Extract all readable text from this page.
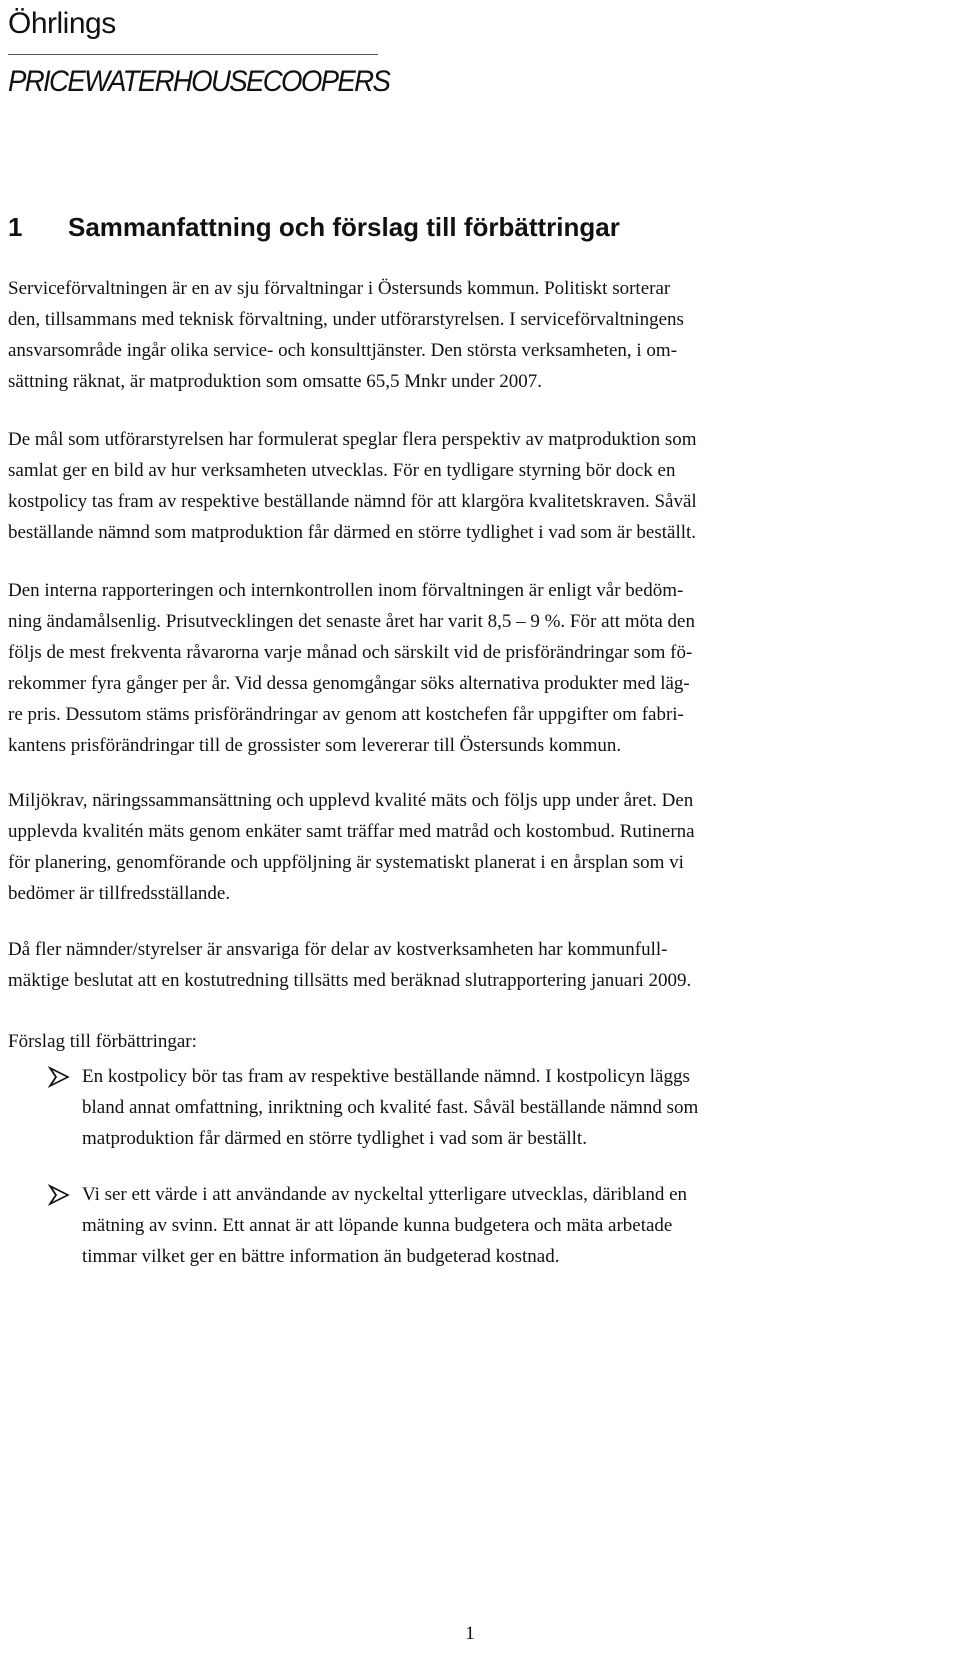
Öhrlings
PRICEWATERHOUSECOOPERS
1 Sammanfattning och förslag till förbättringar

Serviceförvaltningen är en av sju förvaltningar i Östersunds kommun. Politiskt sorterar
den, tillsammans med teknisk förvaltning, under utförarstyrelsen. I serviceförvaltningens
ansvarsområde ingår olika service- och konsulttjänster. Den största verksamheten, i om-
sättning räknat, är matproduktion som omsatte 65,5 Mnkr under 2007.

De mål som utförarstyrelsen har formulerat speglar flera perspektiv av matproduktion som
samlat ger en bild av hur verksamheten utvecklas. För en tydligare styrning bör dock en
kostpolicy tas fram av respektive beställande nämnd för att klargöra kvalitetskraven. Såväl
beställande nämnd som matproduktion får därmed en större tydlighet i vad som är beställt.

Den interna rapporteringen och internkontrollen inom förvaltningen är enligt vår bedöm-
ning ändamålsenlig. Prisutvecklingen det senaste året har varit 8,5 – 9 %. För att möta den
följs de mest frekventa råvarorna varje månad och särskilt vid de prisförändringar som fö-
rekommer fyra gånger per år. Vid dessa genomgångar söks alternativa produkter med läg-
re pris. Dessutom stäms prisförändringar av genom att kostchefen får uppgifter om fabri-
kantens prisförändringar till de grossister som levererar till Östersunds kommun.

Miljökrav, näringssammansättning och upplevd kvalité mäts och följs upp under året. Den
upplevda kvalitén mäts genom enkäter samt träffar med matråd och kostombud. Rutinerna
för planering, genomförande och uppföljning är systematiskt planerat i en årsplan som vi
bedömer är tillfredsställande.

Då fler nämnder/styrelser är ansvariga för delar av kostverksamheten har kommunfull-
mäktige beslutat att en kostutredning tillsätts med beräknad slutrapportering januari 2009.

Förslag till förbättringar:

En kostpolicy bör tas fram av respektive beställande nämnd. I kostpolicyn läggs
bland annat omfattning, inriktning och kvalité fast. Såväl beställande nämnd som
matproduktion får därmed en större tydlighet i vad som är beställt.
Vi ser ett värde i att användande av nyckeltal ytterligare utvecklas, däribland en
mätning av svinn. Ett annat är att löpande kunna budgetera och mäta arbetade
timmar vilket ger en bättre information än budgeterad kostnad.
1
